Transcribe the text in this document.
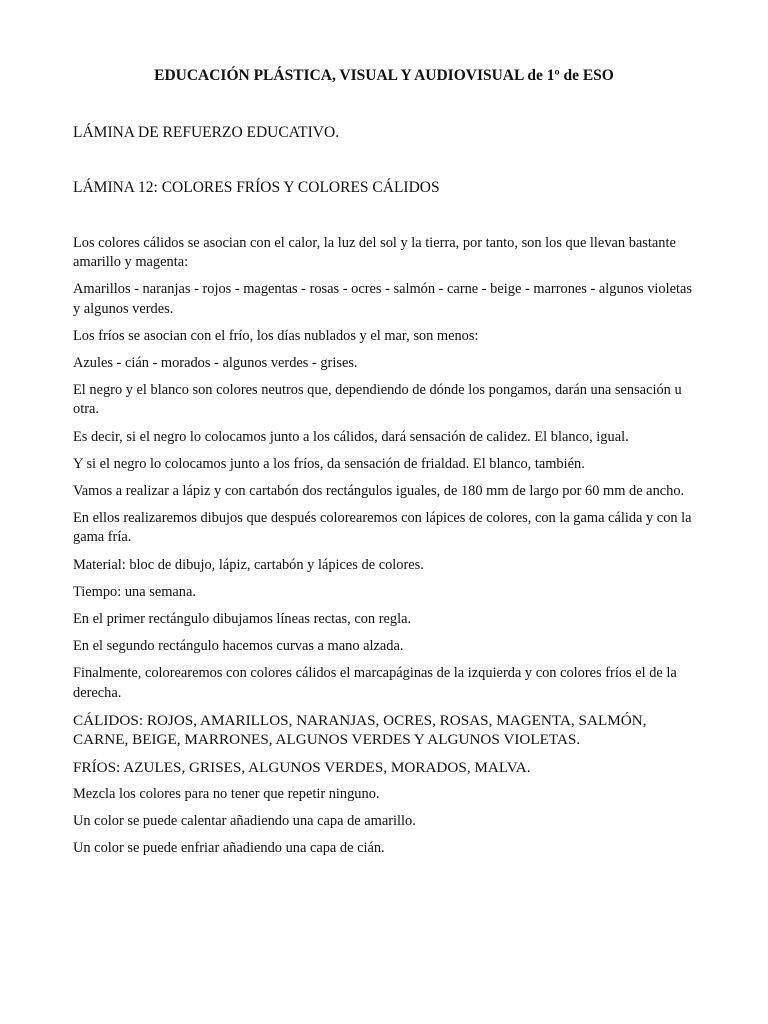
EDUCACIÓN PLÁSTICA, VISUAL Y AUDIOVISUAL de 1º de ESO

LÁMINA DE REFUERZO EDUCATIVO.

LÁMINA 12: COLORES FRÍOS Y COLORES CÁLIDOS

Los colores cálidos se asocian con el calor, la luz del sol y la tierra, por tanto, son los que llevan bastante amarillo y magenta:

Amarillos - naranjas - rojos - magentas - rosas - ocres - salmón - carne - beige - marrones - algunos violetas y algunos verdes.

Los fríos se asocian con el frío, los días nublados y el mar, son menos:

Azules - cián - morados - algunos verdes - grises.

El negro y el blanco son colores neutros que, dependiendo de dónde los pongamos, darán una sensación u otra.

Es decir, si el negro lo colocamos junto a los cálidos, dará sensación de calidez. El blanco, igual.

Y si el negro lo colocamos junto a los fríos, da sensación de frialdad. El blanco, también.

Vamos a realizar a lápiz y con cartabón dos rectángulos iguales, de 180 mm de largo por 60 mm de ancho.

En ellos realizaremos dibujos que después colorearemos con lápices de colores, con la gama cálida y con la gama fría.

Material: bloc de dibujo, lápiz, cartabón y lápices de colores.

Tiempo: una semana.

En el primer rectángulo dibujamos líneas rectas, con regla.

En el segundo rectángulo hacemos curvas a mano alzada.

Finalmente, colorearemos con colores cálidos el marcapáginas de la izquierda y con colores fríos el de la derecha.

CÁLIDOS: ROJOS, AMARILLOS, NARANJAS, OCRES, ROSAS, MAGENTA, SALMÓN, CARNE, BEIGE, MARRONES, ALGUNOS VERDES Y ALGUNOS VIOLETAS.

FRÍOS: AZULES, GRISES, ALGUNOS VERDES, MORADOS, MALVA.

Mezcla los colores para no tener que repetir ninguno.

Un color se puede calentar añadiendo una capa de amarillo.

Un color se puede enfriar añadiendo una capa de cián.
